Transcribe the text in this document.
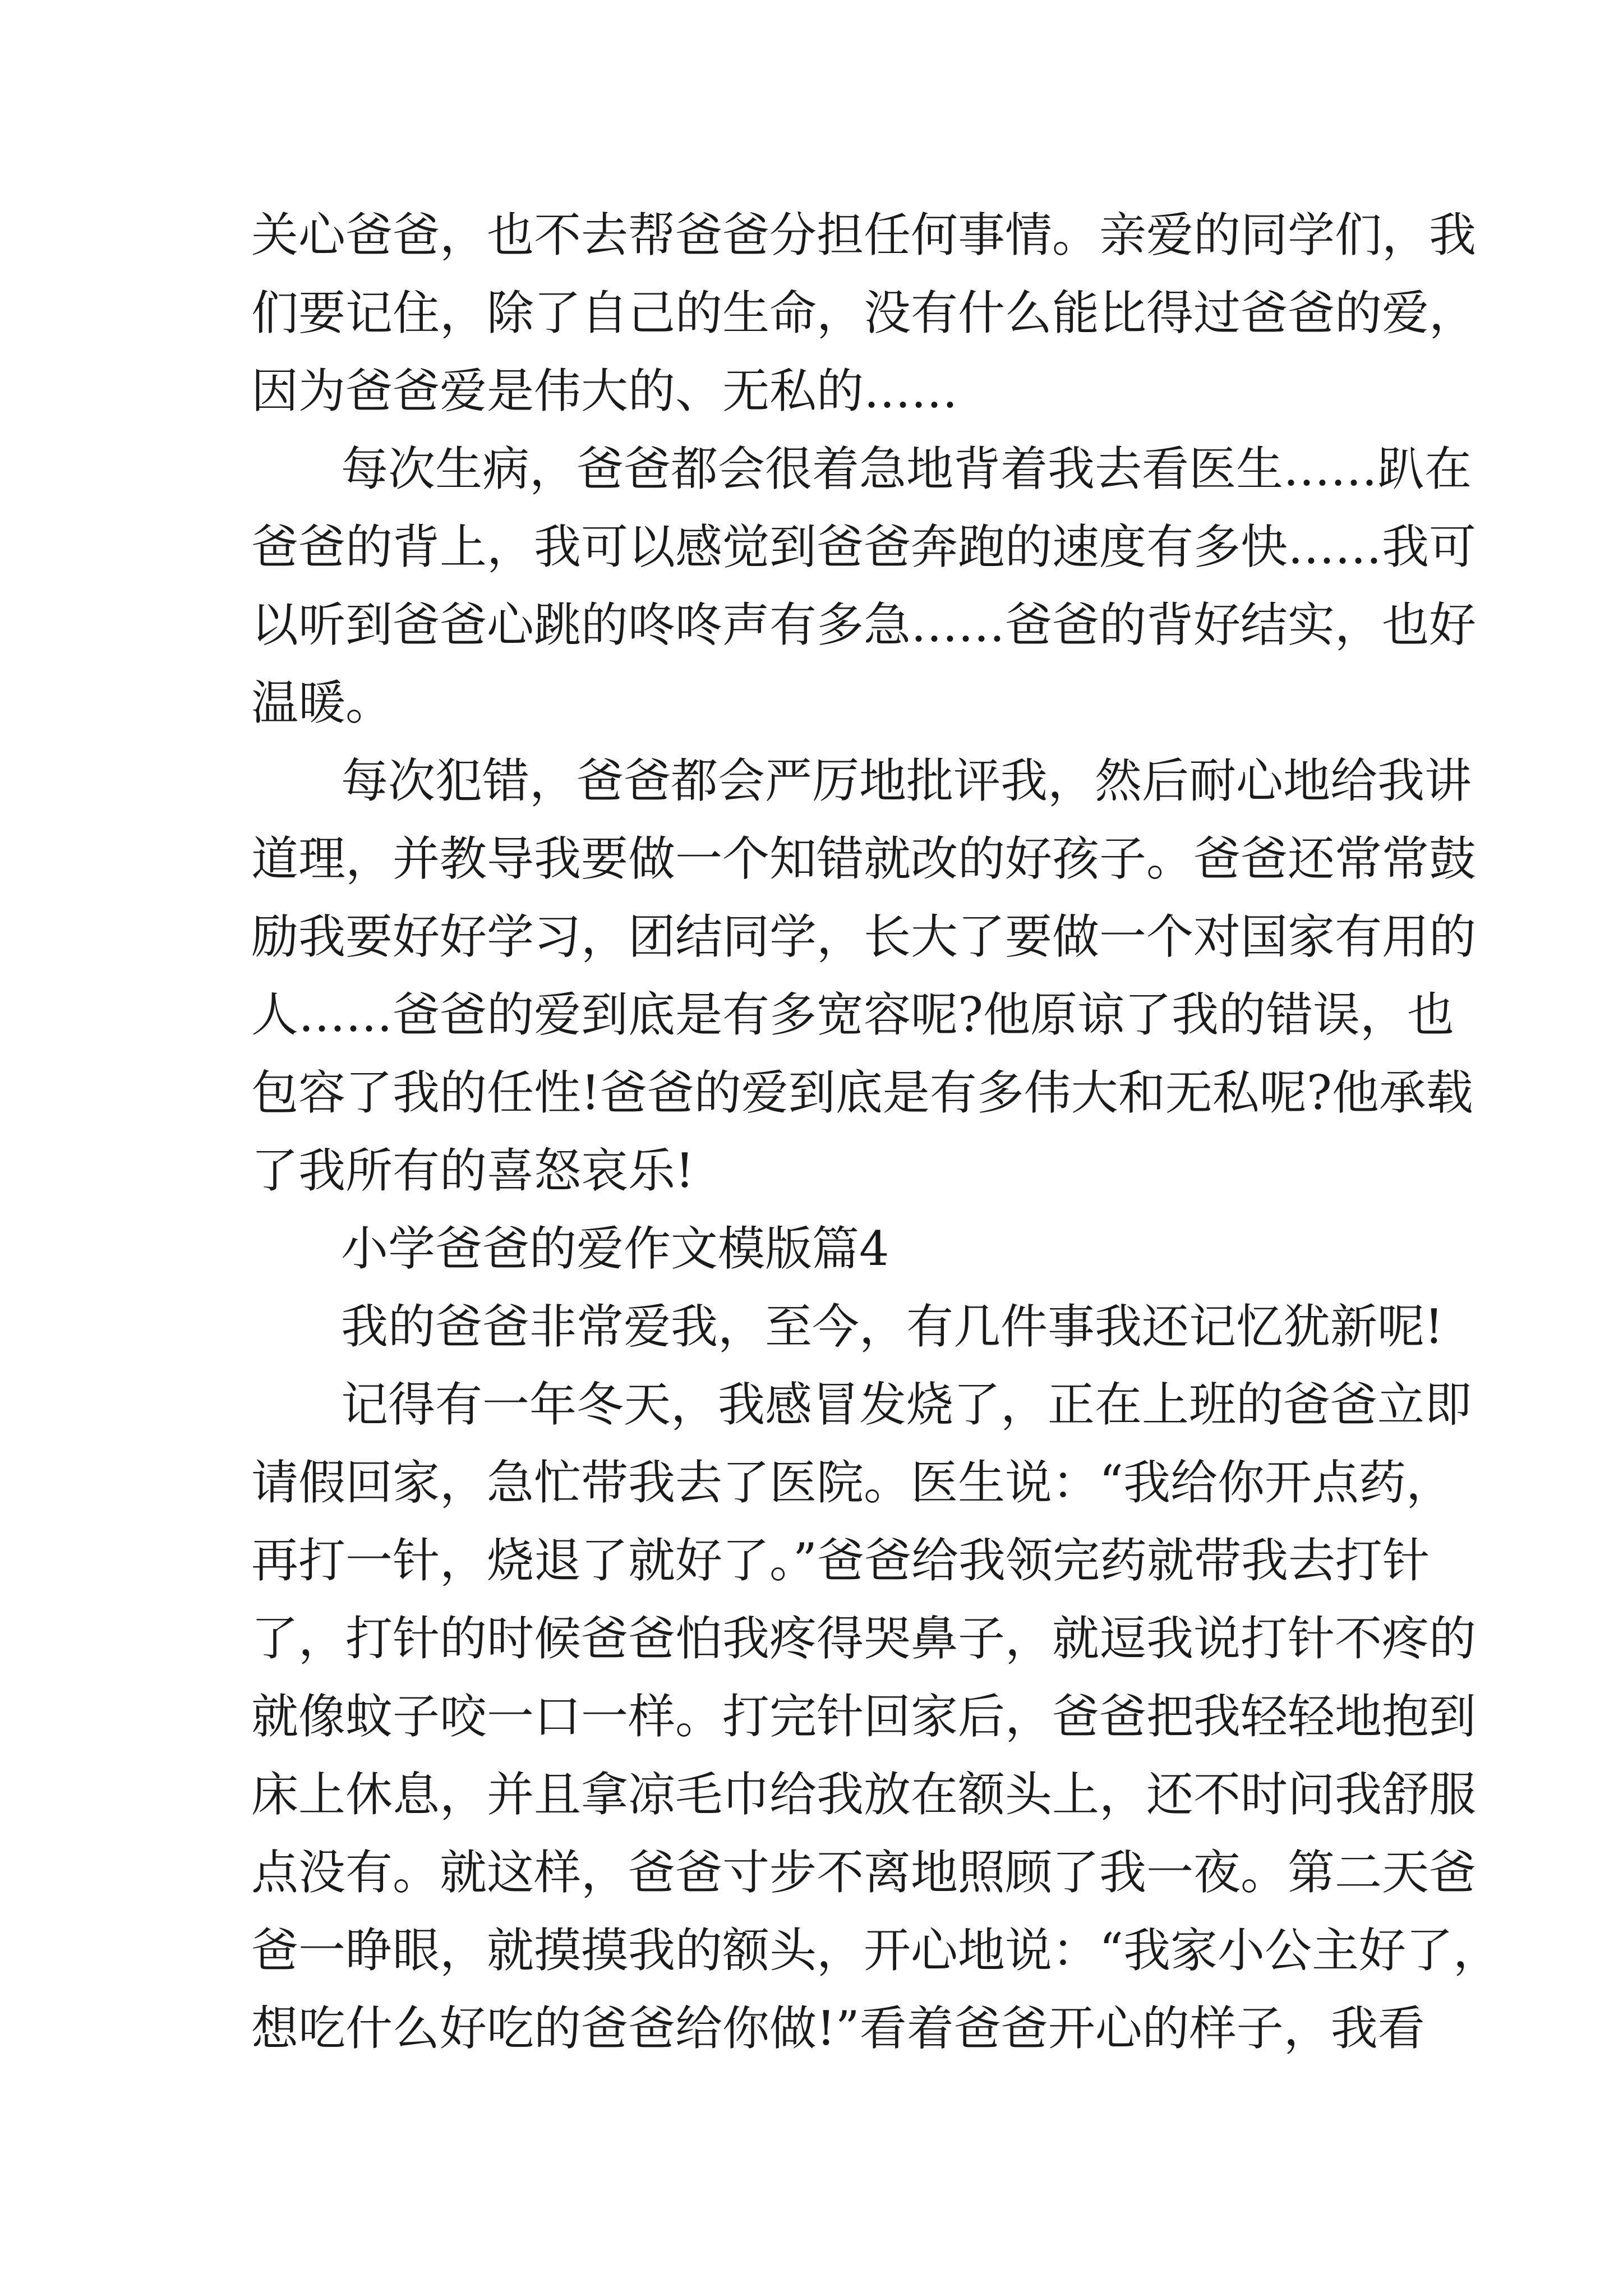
关心爸爸，也不去帮爸爸分担任何事情。亲爱的同学们，我
们要记住，除了自己的生命，没有什么能比得过爸爸的爱，
因为爸爸爱是伟大的、无私的……
每次生病，爸爸都会很着急地背着我去看医生……趴在
爸爸的背上，我可以感觉到爸爸奔跑的速度有多快……我可
以听到爸爸心跳的咚咚声有多急……爸爸的背好结实，也好
温暖。
每次犯错，爸爸都会严厉地批评我，然后耐心地给我讲
道理，并教导我要做一个知错就改的好孩子。爸爸还常常鼓
励我要好好学习，团结同学，长大了要做一个对国家有用的
人……爸爸的爱到底是有多宽容呢?他原谅了我的错误，也
包容了我的任性!爸爸的爱到底是有多伟大和无私呢?他承载
了我所有的喜怒哀乐!
小学爸爸的爱作文模版篇4
我的爸爸非常爱我，至今，有几件事我还记忆犹新呢!
记得有一年冬天，我感冒发烧了，正在上班的爸爸立即
请假回家，急忙带我去了医院。医生说：“我给你开点药，
再打一针，烧退了就好了。”爸爸给我领完药就带我去打针
了，打针的时候爸爸怕我疼得哭鼻子，就逗我说打针不疼的
就像蚊子咬一口一样。打完针回家后，爸爸把我轻轻地抱到
床上休息，并且拿凉毛巾给我放在额头上，还不时问我舒服
点没有。就这样，爸爸寸步不离地照顾了我一夜。第二天爸
爸一睁眼，就摸摸我的额头，开心地说：“我家小公主好了，
想吃什么好吃的爸爸给你做!”看着爸爸开心的样子，我看
